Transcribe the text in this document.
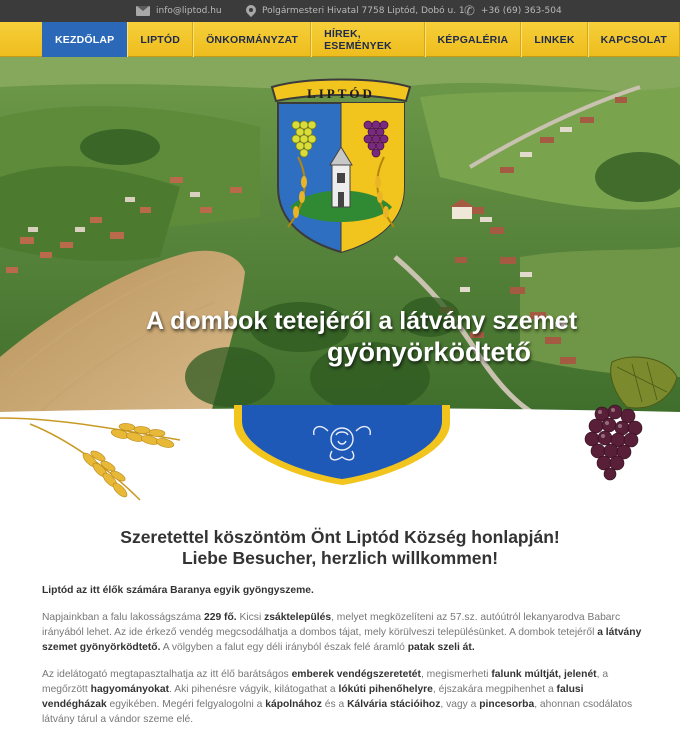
info@liptod.hu	Polgármesteri Hivatal 7758 Liptód, Dobó u. 1 ✆ +36 (69) 363-504
KEZDŐLAP	LIPTÓD	ÖNKORMÁNYZAT	HÍREK, ESEMÉNYEK	KÉPGALÉRIA	LINKEK	KAPCSOLAT
LIPTÓD
A dombok tetejéről a látvány szemet
gyönyörködtető
Szeretettel köszöntöm Önt Liptód Község honlapján!
Liebe Besucher, herzlich willkommen!

Liptód az itt élők számára Baranya egyik gyöngyszeme.

Napjainkban a falu lakosságszáma 229 fő. Kicsi zsáktelepülés, melyet megközelíteni az 57.sz. autóútról lekanyarodva Babarc irányából lehet. Az ide érkező vendég megcsodálhatja a dombos tájat, mely körülveszi településünket. A dombok tetejéről a látvány szemet gyönyörködtető. A völgyben a falut egy déli irányból észak felé áramló patak szeli át.

Az idelátogató megtapasztalhatja az itt élő barátságos emberek vendégszeretetét, megismerheti falunk múltját, jelenét, a megőrzött hagyományokat. Aki pihenésre vágyik, kilátogathat a lókúti pihenőhelyre, éjszakára megpihenhet a falusi vendégházak egyikében. Megéri felgyalogolni a kápolnához és a Kálvária stációihoz, vagy a pincesorba, ahonnan csodálatos látvány tárul a vándor szeme elé.
